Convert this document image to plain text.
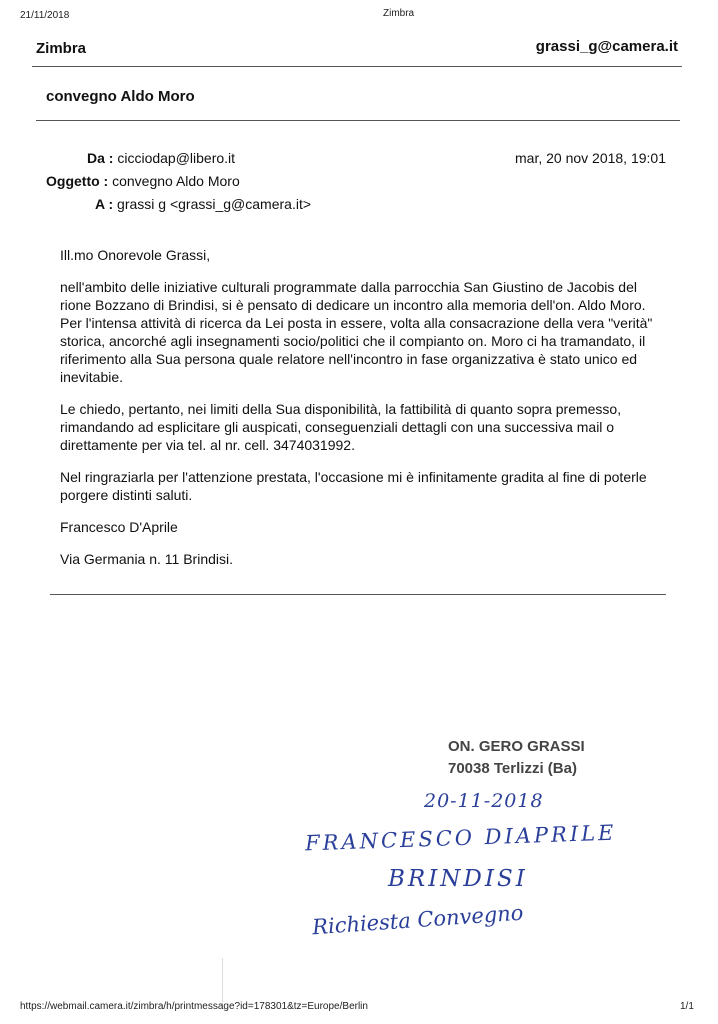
21/11/2018	Zimbra
Zimbra	grassi_g@camera.it
convegno Aldo Moro
Da : cicciodap@libero.it
Oggetto : convegno Aldo Moro
A : grassi g <grassi_g@camera.it>
mar, 20 nov 2018, 19:01

Ill.mo Onorevole Grassi,

nell'ambito delle iniziative culturali programmate dalla parrocchia San Giustino de Jacobis del rione Bozzano di Brindisi, si è pensato di dedicare un incontro alla memoria dell'on. Aldo Moro. Per l'intensa attività di ricerca da Lei posta in essere, volta alla consacrazione della vera "verità" storica, ancorché agli insegnamenti socio/politici che il compianto on. Moro ci ha tramandato, il riferimento alla Sua persona quale relatore nell'incontro in fase organizzativa è stato unico ed inevitabie.

Le chiedo, pertanto, nei limiti della Sua disponibilità, la fattibilità di quanto sopra premesso, rimandando ad esplicitare gli auspicati, conseguenziali dettagli con una successiva mail o direttamente per via tel. al nr. cell. 3474031992.

Nel ringraziarla per l'attenzione prestata, l'occasione mi è infinitamente gradita al fine di poterle porgere distinti saluti.

Francesco D'Aprile

Via Germania n. 11 Brindisi.

ON. GERO GRASSI
70038 Terlizzi (Ba)
20-11-2018
FRANCESCO DIAPRILE
BRINDISI
Richiesta Convegno
https://webmail.camera.it/zimbra/h/printmessage?id=178301&tz=Europe/Berlin	1/1
